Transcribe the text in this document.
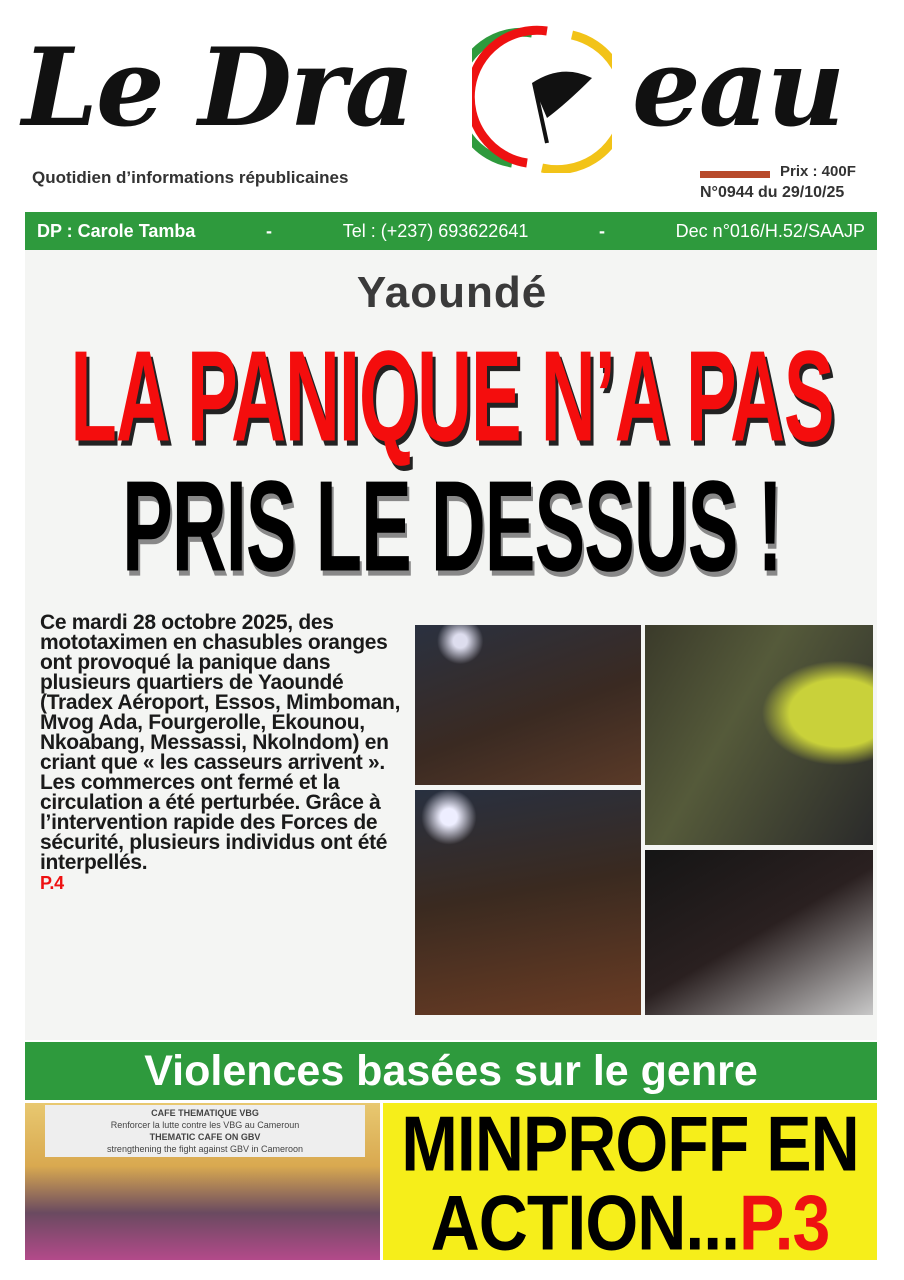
Le Dra eau
Quotidien d’informations républicaines	Prix : 400F
N°0944 du 29/10/25
DP : Carole Tamba	-	Tel : (+237) 693622641	-	Dec n°016/H.52/SAAJP
Yaoundé
LA PANIQUE N’A PAS
PRIS LE DESSUS !
Ce mardi 28 octobre 2025, des mototaximen en chasubles oranges ont provoqué la panique dans plusieurs quartiers de Yaoundé (Tradex Aéroport, Essos, Mimboman, Mvog Ada, Fourgerolle, Ekounou, Nkoabang, Messassi, Nkolndom) en criant que « les casseurs arrivent ». Les commerces ont fermé et la circulation a été perturbée. Grâce à l’intervention rapide des Forces de sécurité, plusieurs individus ont été interpellés.
P.4
Violences basées sur le genre
CAFE THEMATIQUE VBG
Renforcer la lutte contre les VBG au Cameroun
THEMATIC CAFE ON GBV
strengthening the fight against GBV in Cameroon	MINPROFF EN
ACTION...P.3
